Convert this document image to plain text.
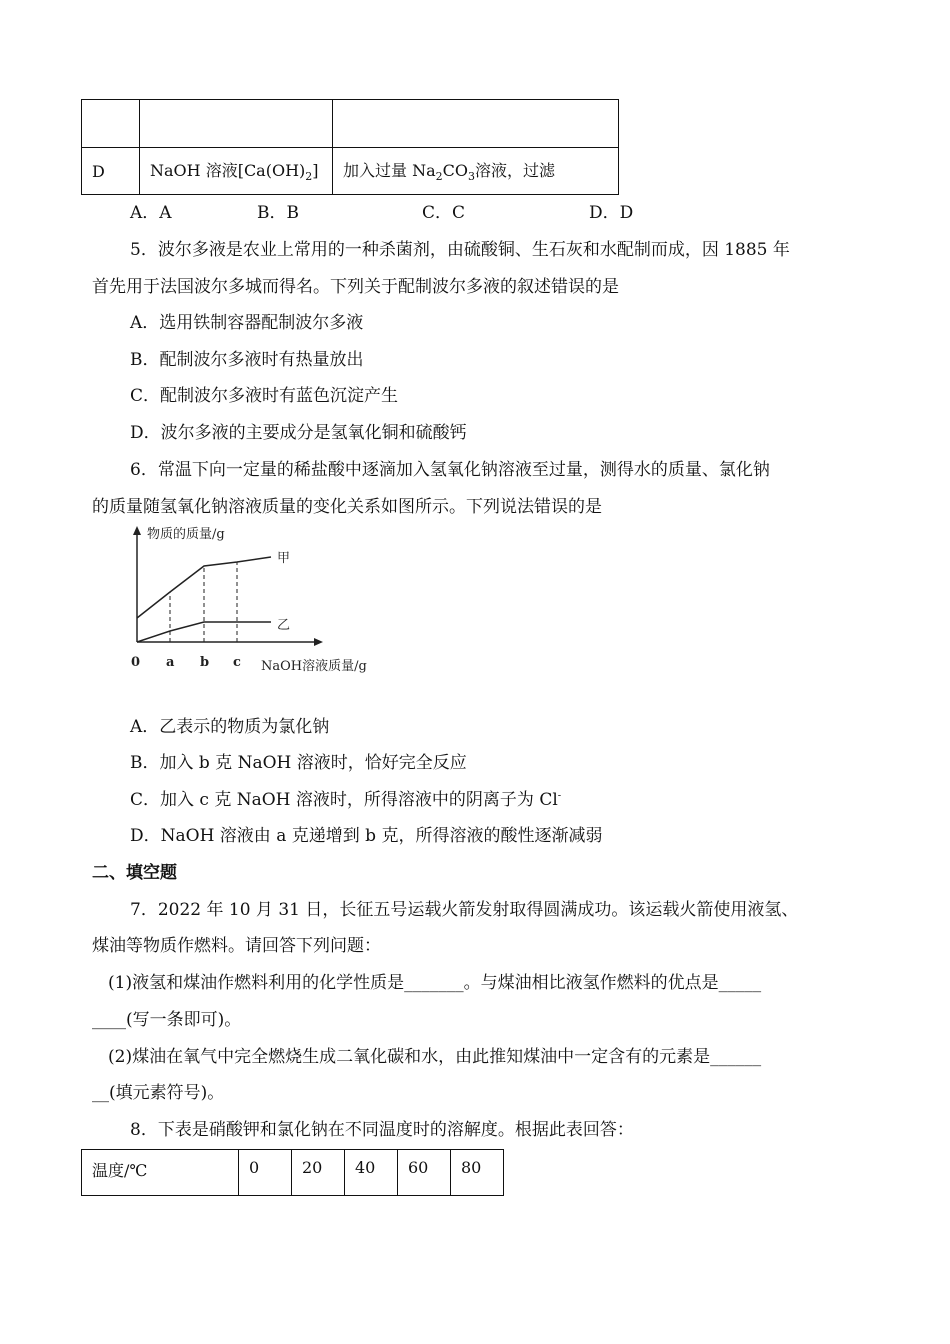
D	NaOH 溶液$[Ca(OH)_2]$	加入过量 $Na_2CO_3$溶液，过滤
A．A	B．B	C．C	D．D
5．波尔多液是农业上常用的一种杀菌剂，由硫酸铜、生石灰和水配制而成，因 1885 年
首先用于法国波尔多城而得名。下列关于配制波尔多液的叙述错误的是
A．选用铁制容器配制波尔多液
B．配制波尔多液时有热量放出
C．配制波尔多液时有蓝色沉淀产生
D．波尔多液的主要成分是氢氧化铜和硫酸钙
6．常温下向一定量的稀盐酸中逐滴加入氢氧化钠溶液至过量，测得水的质量、氯化钠
的质量随氢氧化钠溶液质量的变化关系如图所示。下列说法错误的是
物质的质量/g
NaOH溶液质量/g
0 a b c
甲
乙
A．乙表示的物质为氯化钠
B．加入 b 克 NaOH 溶液时，恰好完全反应
C．加入 c 克 NaOH 溶液时，所得溶液中的阴离子为 Cl-
D．NaOH 溶液由 a 克递增到 b 克，所得溶液的酸性逐渐减弱
二、填空题
7．2022 年 10 月 31 日，长征五号运载火箭发射取得圆满成功。该运载火箭使用液氢、
煤油等物质作燃料。请回答下列问题：
(1)液氢和煤油作燃料利用的化学性质是_______。与煤油相比液氢作燃料的优点是_____
____(写一条即可)。
(2)煤油在氧气中完全燃烧生成二氧化碳和水，由此推知煤油中一定含有的元素是______
__(填元素符号)。
8．下表是硝酸钾和氯化钠在不同温度时的溶解度。根据此表回答：
温度/℃	0	20	40	60	80
